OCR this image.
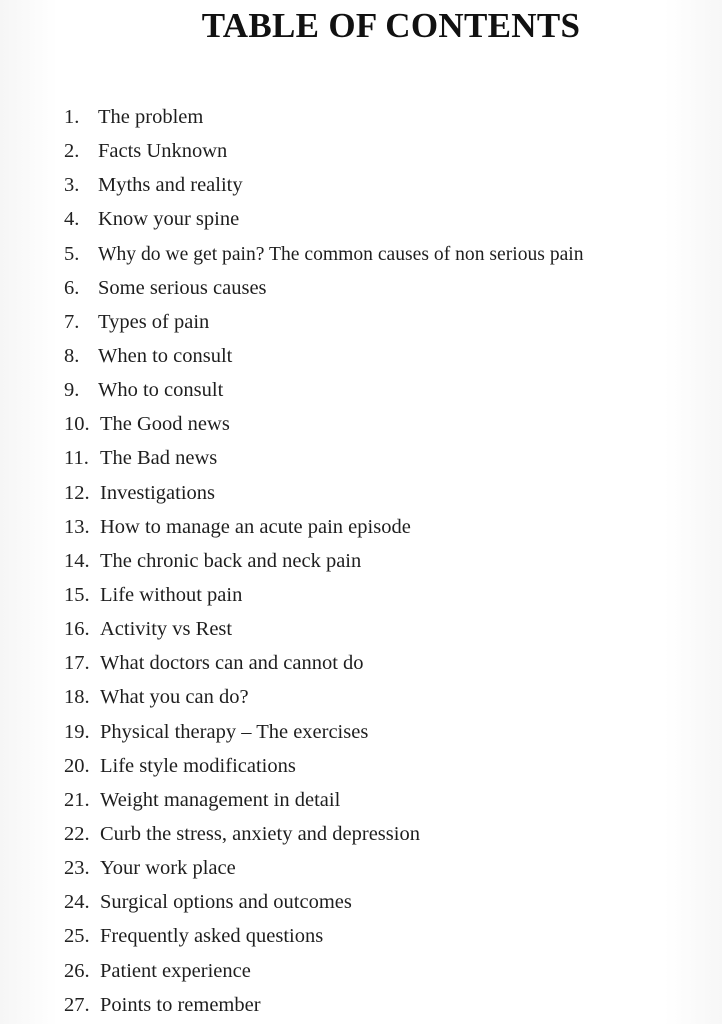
TABLE OF CONTENTS
1. The problem
2. Facts Unknown
3. Myths and reality
4. Know your spine
5. Why do we get pain? The common causes of non serious pain
6. Some serious causes
7. Types of pain
8. When to consult
9. Who to consult
10. The Good news
11. The Bad news
12. Investigations
13. How to manage an acute pain episode
14. The chronic back and neck pain
15. Life without pain
16. Activity vs Rest
17. What doctors can and cannot do
18. What you can do?
19. Physical therapy – The exercises
20. Life style modifications
21. Weight management in detail
22. Curb the stress, anxiety and depression
23. Your work place
24. Surgical options and outcomes
25. Frequently asked questions
26. Patient experience
27. Points to remember
